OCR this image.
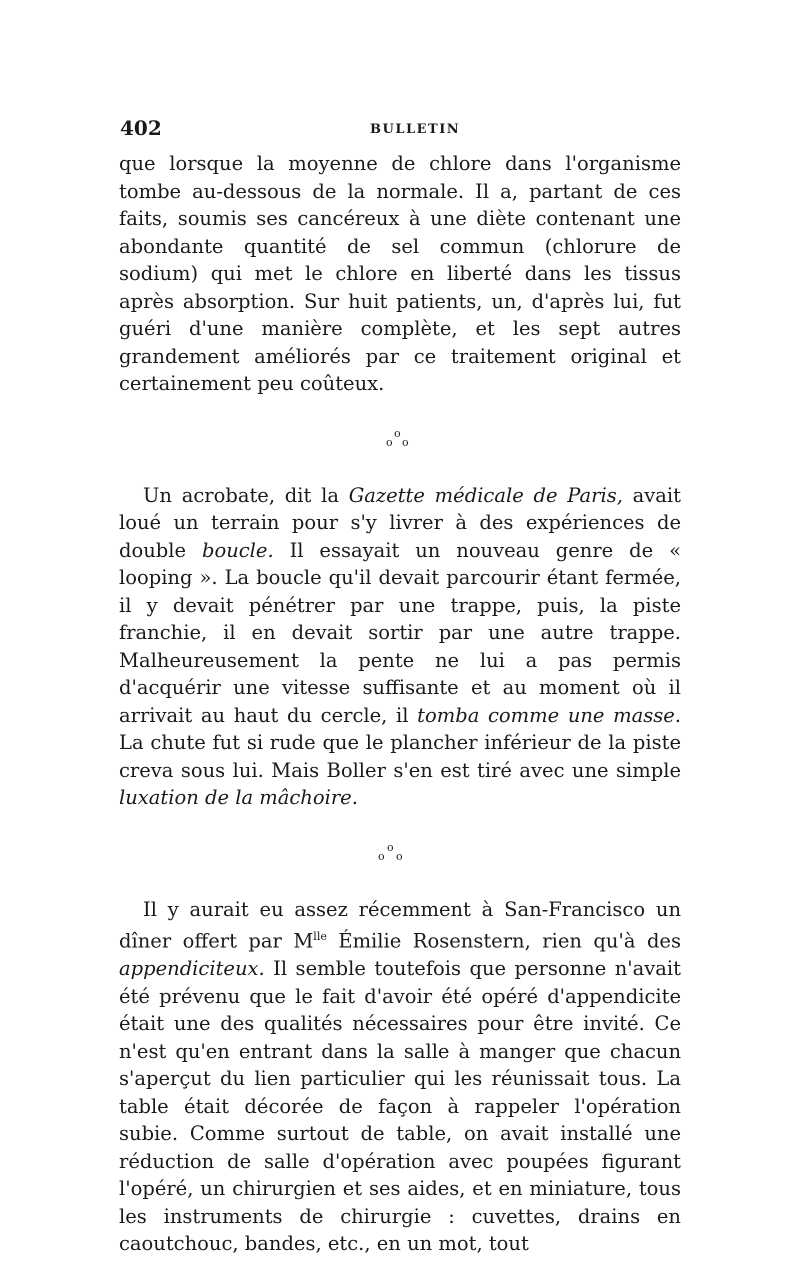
402	BULLETIN

que lorsque la moyenne de chlore dans l'organisme tombe au-dessous de la normale. Il a, partant de ces faits, soumis ses cancéreux à une diète contenant une abondante quantité de sel commun (chlorure de sodium) qui met le chlore en liberté dans les tissus après absorption. Sur huit patients, un, d'après lui, fut guéri d'une manière complète, et les sept autres grandement améliorés par ce traitement original et certainement peu coûteux.

o
o o

Un acrobate, dit la Gazette médicale de Paris, avait loué un terrain pour s'y livrer à des expériences de double boucle. Il essayait un nouveau genre de « looping ». La boucle qu'il devait parcourir étant fermée, il y devait pénétrer par une trappe, puis, la piste franchie, il en devait sortir par une autre trappe. Malheureusement la pente ne lui a pas permis d'acquérir une vitesse suffisante et au moment où il arrivait au haut du cercle, il tomba comme une masse. La chute fut si rude que le plancher inférieur de la piste creva sous lui. Mais Boller s'en est tiré avec une simple luxation de la mâchoire.

o
o o

Il y aurait eu assez récemment à San-Francisco un dîner offert par $M^{lle}$ Émilie Rosenstern, rien qu'à des appendiciteux. Il semble toutefois que personne n'avait été prévenu que le fait d'avoir été opéré d'appendicite était une des qualités nécessaires pour être invité. Ce n'est qu'en entrant dans la salle à manger que chacun s'aperçut du lien particulier qui les réunissait tous. La table était décorée de façon à rappeler l'opération subie. Comme surtout de table, on avait installé une réduction de salle d'opération avec poupées figurant l'opéré, un chirurgien et ses aides, et en miniature, tous les instruments de chirurgie : cuvettes, drains en caoutchouc, bandes, etc., en un mot, tout
